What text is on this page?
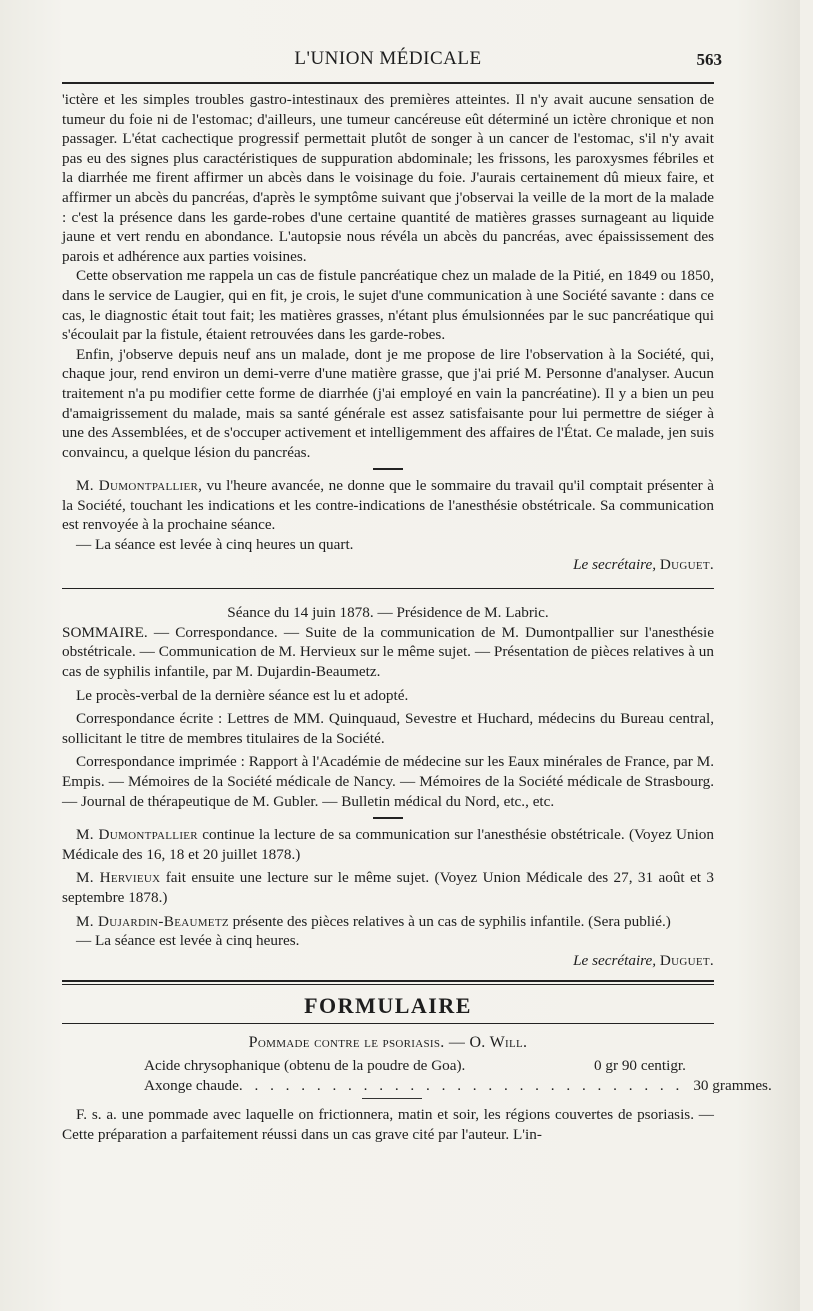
L'UNION MÉDICALE	563

'ictère et les simples troubles gastro-intestinaux des premières atteintes. Il n'y avait aucune sensation de tumeur du foie ni de l'estomac; d'ailleurs, une tumeur cancéreuse eût déterminé un ictère chronique et non passager. L'état cachectique progressif permettait plutôt de songer à un cancer de l'estomac, s'il n'y avait pas eu des signes plus caractéristiques de suppuration abdominale; les frissons, les paroxysmes fébriles et la diarrhée me firent affirmer un abcès dans le voisinage du foie. J'aurais certainement dû mieux faire, et affirmer un abcès du pancréas, d'après le symptôme suivant que j'observai la veille de la mort de la malade : c'est la présence dans les garde-robes d'une certaine quantité de matières grasses surnageant au liquide jaune et vert rendu en abondance. L'autopsie nous révéla un abcès du pancréas, avec épaississement des parois et adhérence aux parties voisines.

Cette observation me rappela un cas de fistule pancréatique chez un malade de la Pitié, en 1849 ou 1850, dans le service de Laugier, qui en fit, je crois, le sujet d'une communication à une Société savante : dans ce cas, le diagnostic était tout fait; les matières grasses, n'étant plus émulsionnées par le suc pancréatique qui s'écoulait par la fistule, étaient retrouvées dans les garde-robes.

Enfin, j'observe depuis neuf ans un malade, dont je me propose de lire l'observation à la Société, qui, chaque jour, rend environ un demi-verre d'une matière grasse, que j'ai prié M. Personne d'analyser. Aucun traitement n'a pu modifier cette forme de diarrhée (j'ai employé en vain la pancréatine). Il y a bien un peu d'amaigrissement du malade, mais sa santé générale est assez satisfaisante pour lui permettre de siéger à une des Assemblées, et de s'occuper activement et intelligemment des affaires de l'État. Ce malade, jen suis convaincu, a quelque lésion du pancréas.

M. Dumontpallier, vu l'heure avancée, ne donne que le sommaire du travail qu'il comptait présenter à la Société, touchant les indications et les contre-indications de l'anesthésie obstétricale. Sa communication est renvoyée à la prochaine séance.

— La séance est levée à cinq heures un quart.

Le secrétaire, Duguet.

Séance du 14 juin 1878. — Présidence de M. Labric.

SOMMAIRE. — Correspondance. — Suite de la communication de M. Dumontpallier sur l'anesthésie obstétricale. — Communication de M. Hervieux sur le même sujet. — Présentation de pièces relatives à un cas de syphilis infantile, par M. Dujardin-Beaumetz.

Le procès-verbal de la dernière séance est lu et adopté.

Correspondance écrite : Lettres de MM. Quinquaud, Sevestre et Huchard, médecins du Bureau central, sollicitant le titre de membres titulaires de la Société.

Correspondance imprimée : Rapport à l'Académie de médecine sur les Eaux minérales de France, par M. Empis. — Mémoires de la Société médicale de Nancy. — Mémoires de la Société médicale de Strasbourg. — Journal de thérapeutique de M. Gubler. — Bulletin médical du Nord, etc., etc.

M. Dumontpallier continue la lecture de sa communication sur l'anesthésie obstétricale. (Voyez Union Médicale des 16, 18 et 20 juillet 1878.)

M. Hervieux fait ensuite une lecture sur le même sujet. (Voyez Union Médicale des 27, 31 août et 3 septembre 1878.)

M. Dujardin-Beaumetz présente des pièces relatives à un cas de syphilis infantile. (Sera publié.)

— La séance est levée à cinq heures.

Le secrétaire, Duguet.

FORMULAIRE
Pommade contre le psoriasis. — O. Will.
Acide chrysophanique (obtenu de la poudre de Goa).	0 gr 90 centigr.
Axonge chaude . . . . . . . . . . . . . . . . . . . . . . . . . . . . . 30 grammes.

F. s. a. une pommade avec laquelle on frictionnera, matin et soir, les régions couvertes de psoriasis. — Cette préparation a parfaitement réussi dans un cas grave cité par l'auteur. L'in-
